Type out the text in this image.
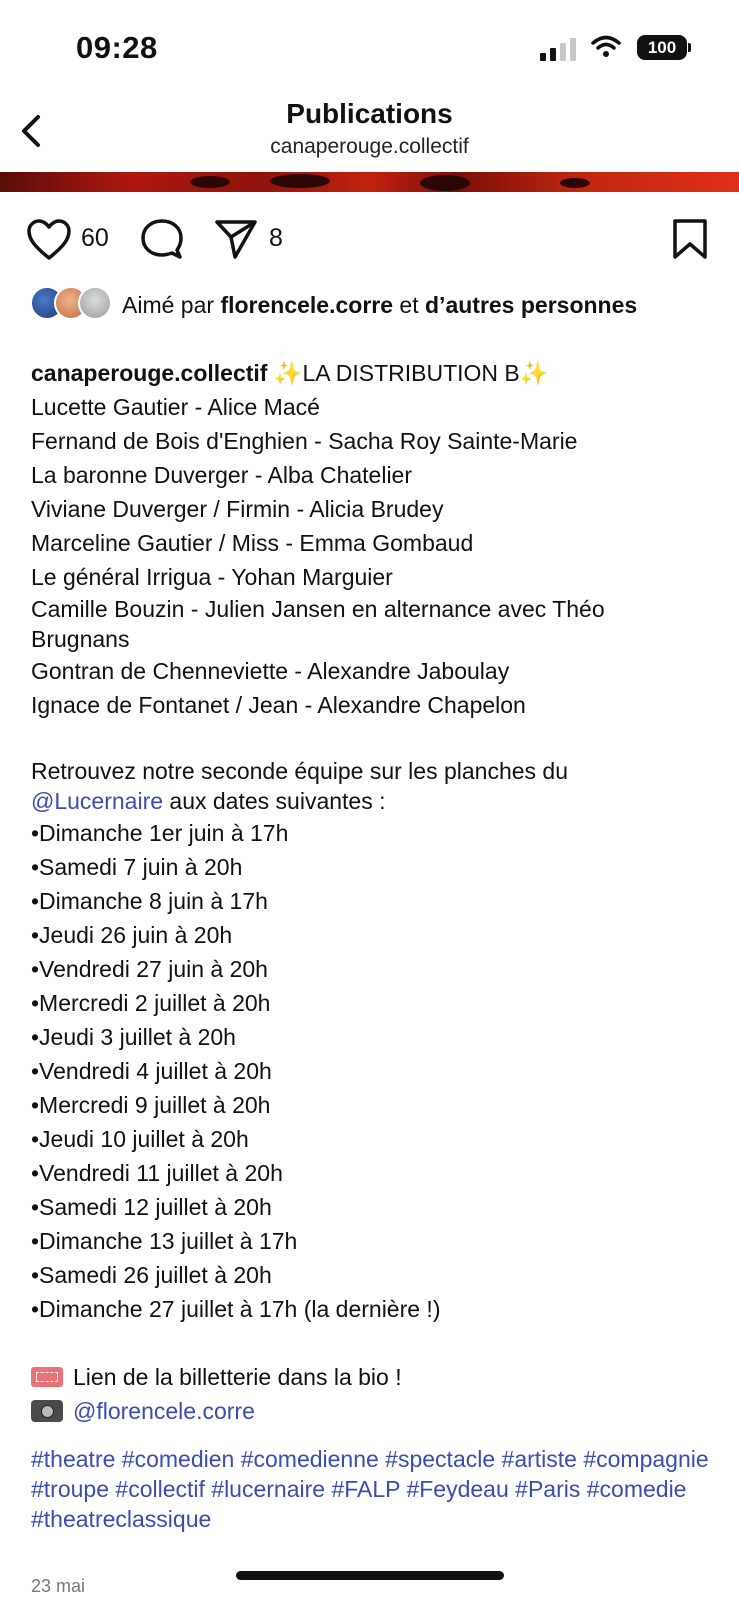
09:28	100
Publications
canaperouge.collectif
60	8
Aimé par florencele.corre et d’autres personnes
canaperouge.collectif ✨LA DISTRIBUTION B✨
Lucette Gautier - Alice Macé
Fernand de Bois d'Enghien - Sacha Roy Sainte-Marie
La baronne Duverger - Alba Chatelier
Viviane Duverger / Firmin - Alicia Brudey
Marceline Gautier / Miss - Emma Gombaud
Le général Irrigua - Yohan Marguier
Camille Bouzin - Julien Jansen en alternance avec Théo Brugnans
Gontran de Chenneviette - Alexandre Jaboulay
Ignace de Fontanet / Jean - Alexandre Chapelon
Retrouvez notre seconde équipe sur les planches du @Lucernaire aux dates suivantes :
•Dimanche 1er juin à 17h
•Samedi 7 juin à 20h
•Dimanche 8 juin à 17h
•Jeudi 26 juin à 20h
•Vendredi 27 juin à 20h
•Mercredi 2 juillet à 20h
•Jeudi 3 juillet à 20h
•Vendredi 4 juillet à 20h
•Mercredi 9 juillet à 20h
•Jeudi 10 juillet à 20h
•Vendredi 11 juillet à 20h
•Samedi 12 juillet à 20h
•Dimanche 13 juillet à 17h
•Samedi 26 juillet à 20h
•Dimanche 27 juillet à 17h (la dernière !)
Lien de la billetterie dans la bio !
@florencele.corre
#theatre #comedien #comedienne #spectacle #artiste #compagnie #troupe #collectif #lucernaire #FALP #Feydeau #Paris #comedie #theatreclassique
23 mai
